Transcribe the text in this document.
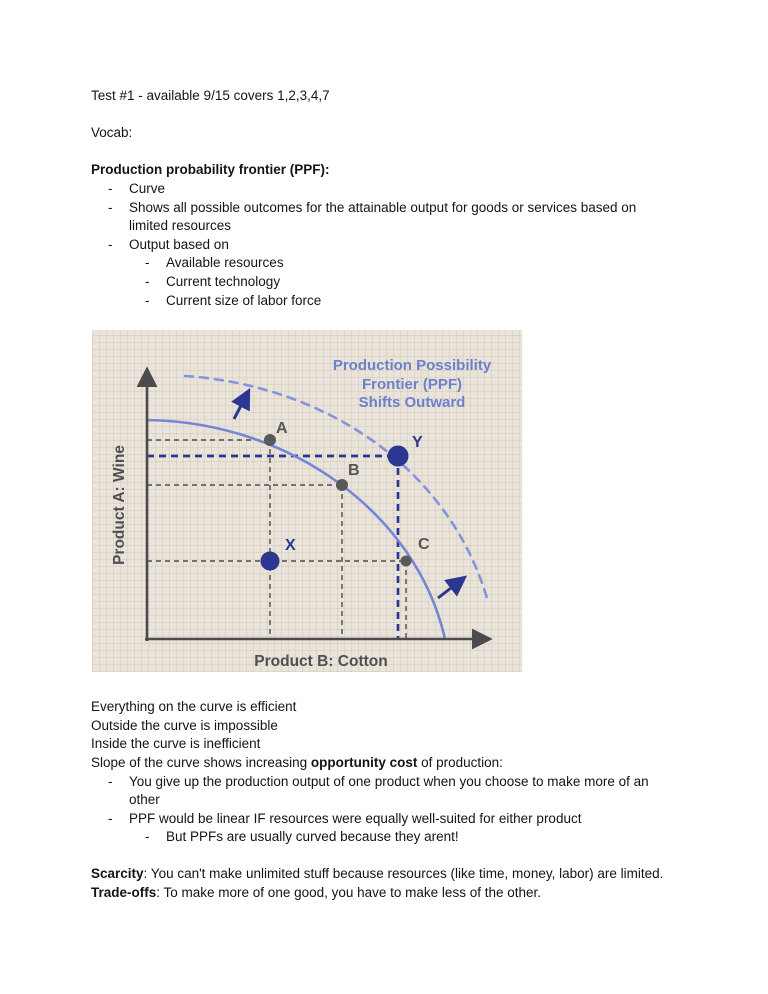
Test #1 - available 9/15 covers 1,2,3,4,7
Vocab:
Production probability frontier (PPF):
- Curve
- Shows all possible outcomes for the attainable output for goods or services based on limited resources
- Output based on
- Available resources
- Current technology
- Current size of labor force
Production Possibility
Frontier (PPF)
Shifts Outward
A
B
C
X
Y
Product A: Wine
Product B: Cotton
Everything on the curve is efficient
Outside the curve is impossible
Inside the curve is inefficient
Slope of the curve shows increasing opportunity cost of production:
- You give up the production output of one product when you choose to make more of an other
- PPF would be linear IF resources were equally well-suited for either product
- But PPFs are usually curved because they arent!
Scarcity: You can't make unlimited stuff because resources (like time, money, labor) are limited.
Trade-offs: To make more of one good, you have to make less of the other.
